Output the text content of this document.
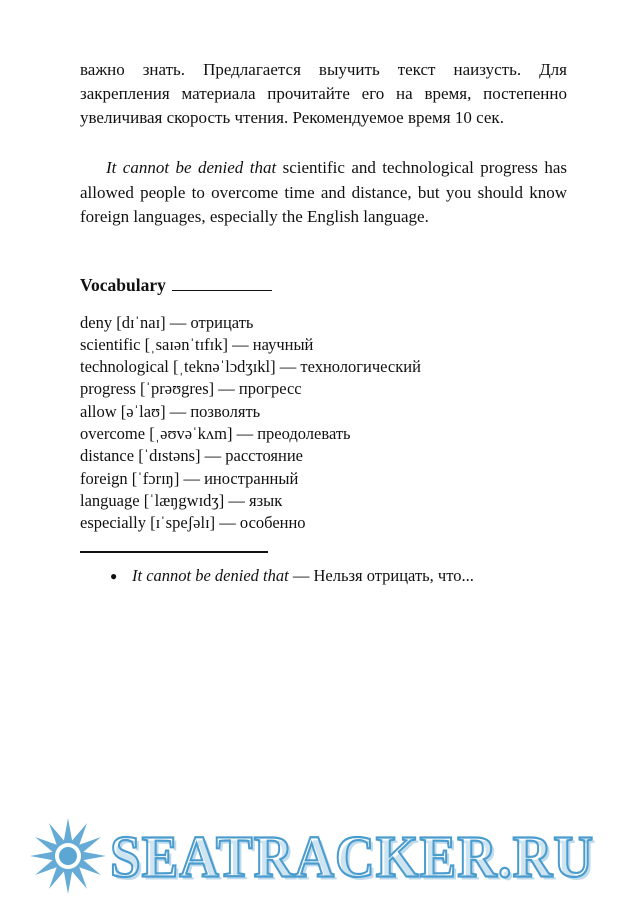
важно знать. Предлагается выучить текст наизусть. Для закрепления материала прочитайте его на время, постепенно увеличивая скорость чтения. Рекомендуемое время 10 сек.

It cannot be denied that scientific and technological progress has allowed people to overcome time and distance, but you should know foreign languages, especially the English language.

Vocabulary
deny [dɪˈnaɪ] — отрицать
scientific [ˌsaɪənˈtɪfɪk] — научный
technological [ˌteknəˈlɔdʒɪkl] — технологический
progress [ˈprəʊgres] — прогресс
allow [əˈlaʊ] — позволять
overcome [ˌəʊvəˈkʌm] — преодолевать
distance [ˈdɪstəns] — расстояние
foreign [ˈfɔrɪŋ] — иностранный
language [ˈlæŋgwɪdʒ] — язык
especially [ɪˈspeʃəlɪ] — особенно
● It cannot be denied that — Нельзя отрицать, что...
SEATRACKER.RU
